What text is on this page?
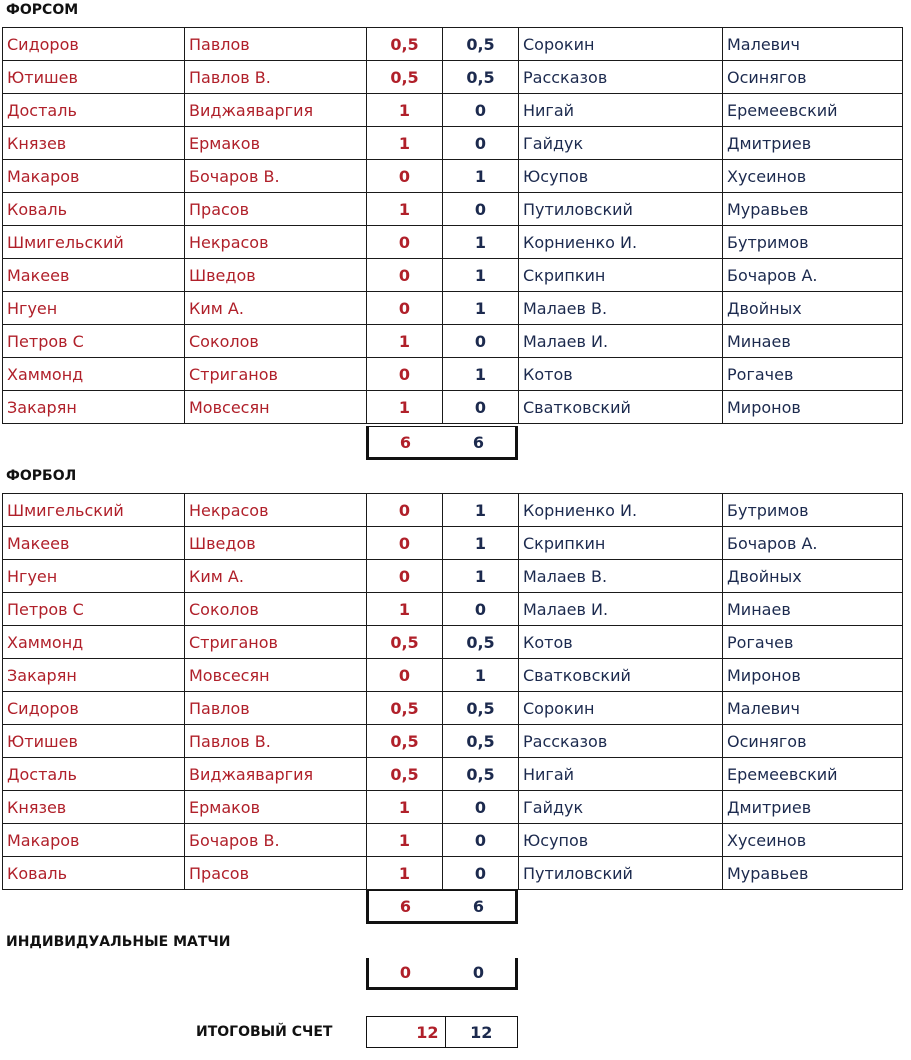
ФОРСОМ
Сидоров	Павлов	0,5	0,5	Сорокин	Малевич
Ютишев	Павлов В.	0,5	0,5	Рассказов	Осинягов
Досталь	Виджаяваргия	1	0	Нигай	Еремеевский
Князев	Ермаков	1	0	Гайдук	Дмитриев
Макаров	Бочаров В.	0	1	Юсупов	Хусеинов
Коваль	Прасов	1	0	Путиловский	Муравьев
Шмигельский	Некрасов	0	1	Корниенко И.	Бутримов
Макеев	Шведов	0	1	Скрипкин	Бочаров А.
Нгуен	Ким А.	0	1	Малаев В.	Двойных
Петров С	Соколов	1	0	Малаев И.	Минаев
Хаммонд	Стриганов	0	1	Котов	Рогачев
Закарян	Мовсесян	1	0	Сватковский	Миронов
6	6
ФОРБОЛ
Шмигельский	Некрасов	0	1	Корниенко И.	Бутримов
Макеев	Шведов	0	1	Скрипкин	Бочаров А.
Нгуен	Ким А.	0	1	Малаев В.	Двойных
Петров С	Соколов	1	0	Малаев И.	Минаев
Хаммонд	Стриганов	0,5	0,5	Котов	Рогачев
Закарян	Мовсесян	0	1	Сватковский	Миронов
Сидоров	Павлов	0,5	0,5	Сорокин	Малевич
Ютишев	Павлов В.	0,5	0,5	Рассказов	Осинягов
Досталь	Виджаяваргия	0,5	0,5	Нигай	Еремеевский
Князев	Ермаков	1	0	Гайдук	Дмитриев
Макаров	Бочаров В.	1	0	Юсупов	Хусеинов
Коваль	Прасов	1	0	Путиловский	Муравьев
6	6
ИНДИВИДУАЛЬНЫЕ МАТЧИ
0	0
ИТОГОВЫЙ СЧЕТ	12	12
